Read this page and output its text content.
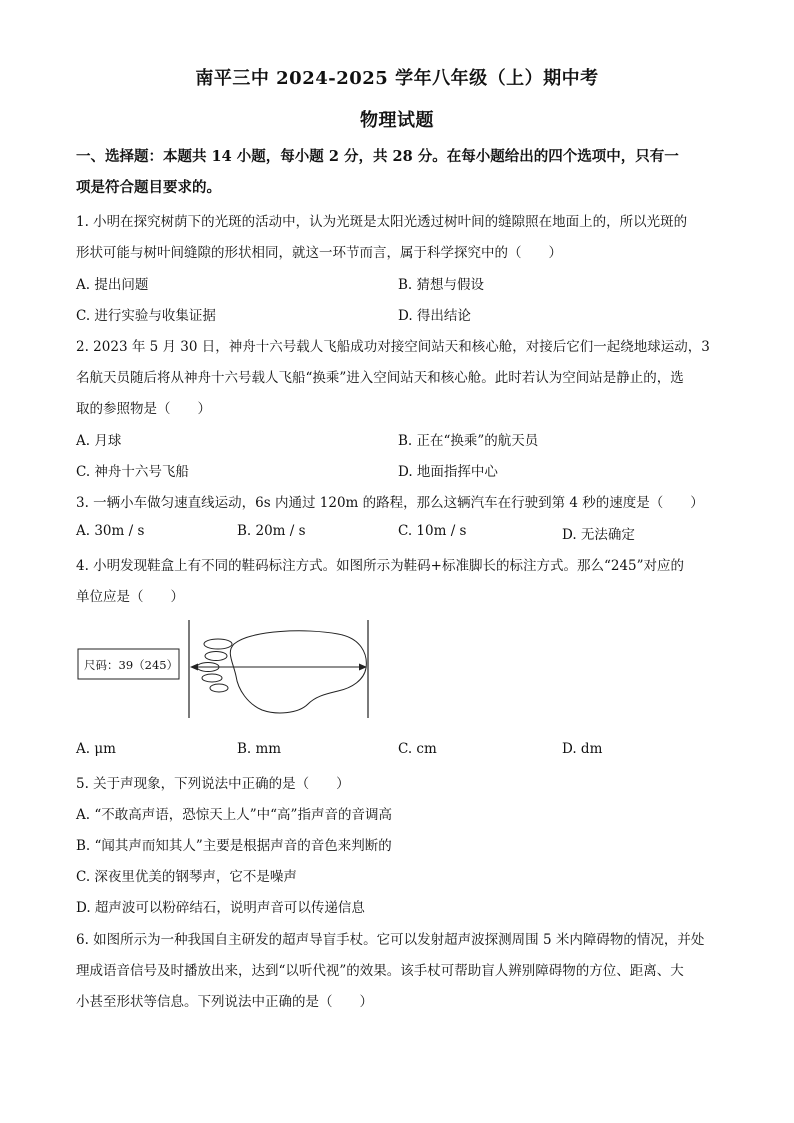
南平三中 2024-2025 学年八年级（上）期中考
物理试题
一、选择题：本题共 14 小题，每小题 2 分，共 28 分。在每小题给出的四个选项中，只有一
项是符合题目要求的。
1. 小明在探究树荫下的光斑的活动中，认为光斑是太阳光透过树叶间的缝隙照在地面上的，所以光斑的
形状可能与树叶间缝隙的形状相同，就这一环节而言，属于科学探究中的（　　）
A. 提出问题	B. 猜想与假设
C. 进行实验与收集证据	D. 得出结论
2. 2023 年 5 月 30 日，神舟十六号载人飞船成功对接空间站天和核心舱，对接后它们一起绕地球运动，3
名航天员随后将从神舟十六号载人飞船“换乘”进入空间站天和核心舱。此时若认为空间站是静止的，选
取的参照物是（　　）
A. 月球	B. 正在“换乘”的航天员
C. 神舟十六号飞船	D. 地面指挥中心
3. 一辆小车做匀速直线运动，6s 内通过 120m 的路程，那么这辆汽车在行驶到第 4 秒的速度是（　　）
A. 30m / s	B. 20m / s	C. 10m / s	D. 无法确定
4. 小明发现鞋盒上有不同的鞋码标注方式。如图所示为鞋码+标准脚长的标注方式。那么“245”对应的
单位应是（　　）
尺码：39（245）
A. μm	B. mm	C. cm	D. dm
5. 关于声现象，下列说法中正确的是（　　）
A. “不敢高声语，恐惊天上人”中“高”指声音的音调高
B. “闻其声而知其人”主要是根据声音的音色来判断的
C. 深夜里优美的钢琴声，它不是噪声
D. 超声波可以粉碎结石，说明声音可以传递信息
6. 如图所示为一种我国自主研发的超声导盲手杖。它可以发射超声波探测周围 5 米内障碍物的情况，并处
理成语音信号及时播放出来，达到“以听代视”的效果。该手杖可帮助盲人辨别障碍物的方位、距离、大
小甚至形状等信息。下列说法中正确的是（　　）
